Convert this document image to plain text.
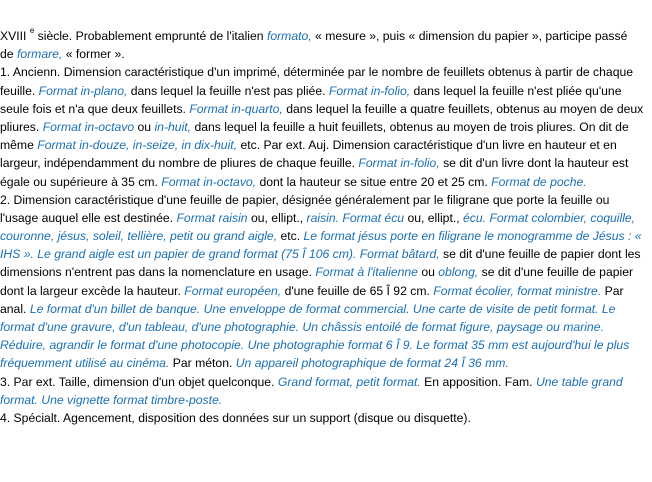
XVIII $^e$ siècle. Probablement emprunté de l'italien formato, « mesure », puis « dimension du papier », participe passé
de formare, « former ».
1. Ancienn. Dimension caractéristique d'un imprimé, déterminée par le nombre de feuillets obtenus à partir de chaque
feuille. Format in-plano, dans lequel la feuille n'est pas pliée. Format in-folio, dans lequel la feuille n'est pliée qu'une
seule fois et n'a que deux feuillets. Format in-quarto, dans lequel la feuille a quatre feuillets, obtenus au moyen de deux
pliures. Format in-octavo ou in-huit, dans lequel la feuille a huit feuillets, obtenus au moyen de trois pliures. On dit de
même Format in-douze, in-seize, in dix-huit, etc. Par ext. Auj. Dimension caractéristique d'un livre en hauteur et en
largeur, indépendamment du nombre de pliures de chaque feuille. Format in-folio, se dit d'un livre dont la hauteur est
égale ou supérieure à 35 cm. Format in-octavo, dont la hauteur se situe entre 20 et 25 cm. Format de poche.
2. Dimension caractéristique d'une feuille de papier, désignée généralement par le filigrane que porte la feuille ou
l'usage auquel elle est destinée. Format raisin ou, ellipt., raisin. Format écu ou, ellipt., écu. Format colombier, coquille,
couronne, jésus, soleil, tellière, petit ou grand aigle, etc. Le format jésus porte en filigrane le monogramme de Jésus : «
IHS ». Le grand aigle est un papier de grand format (75 Î 106 cm). Format bâtard, se dit d'une feuille de papier dont les
dimensions n'entrent pas dans la nomenclature en usage. Format à l'italienne ou oblong, se dit d'une feuille de papier
dont la largeur excède la hauteur. Format européen, d'une feuille de 65 Î 92 cm. Format écolier, format ministre. Par
anal. Le format d'un billet de banque. Une enveloppe de format commercial. Une carte de visite de petit format. Le
format d'une gravure, d'un tableau, d'une photographie. Un châssis entoilé de format figure, paysage ou marine.
Réduire, agrandir le format d'une photocopie. Une photographie format 6 Î 9. Le format 35 mm est aujourd'hui le plus
fréquemment utilisé au cinéma. Par méton. Un appareil photographique de format 24 Î 36 mm.
3. Par ext. Taille, dimension d'un objet quelconque. Grand format, petit format. En apposition. Fam. Une table grand
format. Une vignette format timbre-poste.
4. Spécialt. Agencement, disposition des données sur un support (disque ou disquette).
